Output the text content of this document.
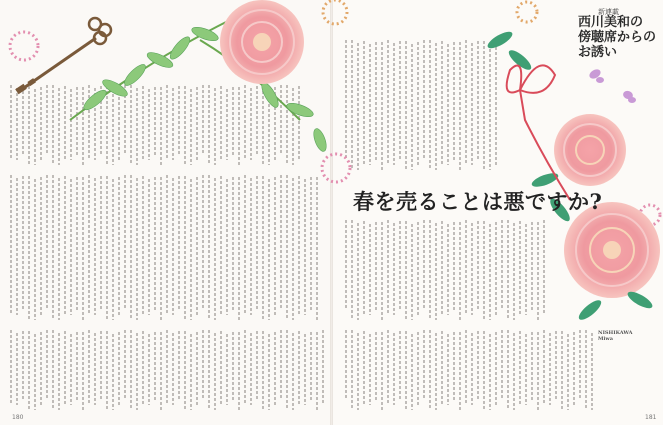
新連載
西川美和の
傍聴席からの
お誘い
春を売ることは悪ですか?
NISHIKAWA Miwa
180	181
